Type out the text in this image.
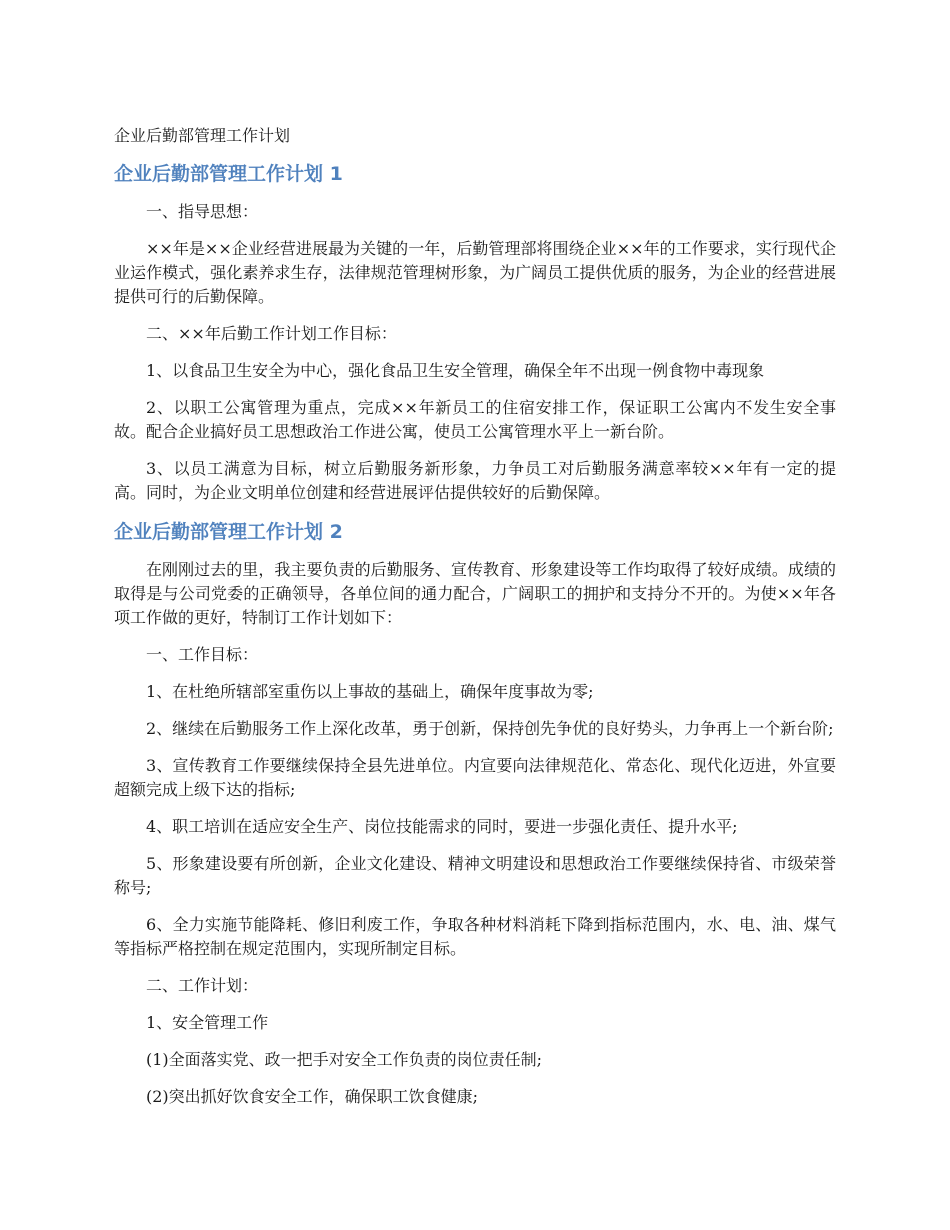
企业后勤部管理工作计划
企业后勤部管理工作计划 1

一、指导思想：

××年是××企业经营进展最为关键的一年，后勤管理部将围绕企业××年的工作要求，实行现代企业运作模式，强化素养求生存，法律规范管理树形象，为广阔员工提供优质的服务，为企业的经营进展提供可行的后勤保障。

二、××年后勤工作计划工作目标：

1、以食品卫生安全为中心，强化食品卫生安全管理，确保全年不出现一例食物中毒现象

2、以职工公寓管理为重点，完成××年新员工的住宿安排工作，保证职工公寓内不发生安全事故。配合企业搞好员工思想政治工作进公寓，使员工公寓管理水平上一新台阶。

3、以员工满意为目标，树立后勤服务新形象，力争员工对后勤服务满意率较××年有一定的提高。同时，为企业文明单位创建和经营进展评估提供较好的后勤保障。

企业后勤部管理工作计划 2

在刚刚过去的里，我主要负责的后勤服务、宣传教育、形象建设等工作均取得了较好成绩。成绩的取得是与公司党委的正确领导，各单位间的通力配合，广阔职工的拥护和支持分不开的。为使××年各项工作做的更好，特制订工作计划如下：

一、工作目标：

1、在杜绝所辖部室重伤以上事故的基础上，确保年度事故为零;

2、继续在后勤服务工作上深化改革，勇于创新，保持创先争优的良好势头，力争再上一个新台阶;

3、宣传教育工作要继续保持全县先进单位。内宣要向法律规范化、常态化、现代化迈进，外宣要超额完成上级下达的指标;

4、职工培训在适应安全生产、岗位技能需求的同时，要进一步强化责任、提升水平;

5、形象建设要有所创新，企业文化建设、精神文明建设和思想政治工作要继续保持省、市级荣誉称号;

6、全力实施节能降耗、修旧利废工作，争取各种材料消耗下降到指标范围内，水、电、油、煤气等指标严格控制在规定范围内，实现所制定目标。

二、工作计划：

1、安全管理工作

(1)全面落实党、政一把手对安全工作负责的岗位责任制;

(2)突出抓好饮食安全工作，确保职工饮食健康;
